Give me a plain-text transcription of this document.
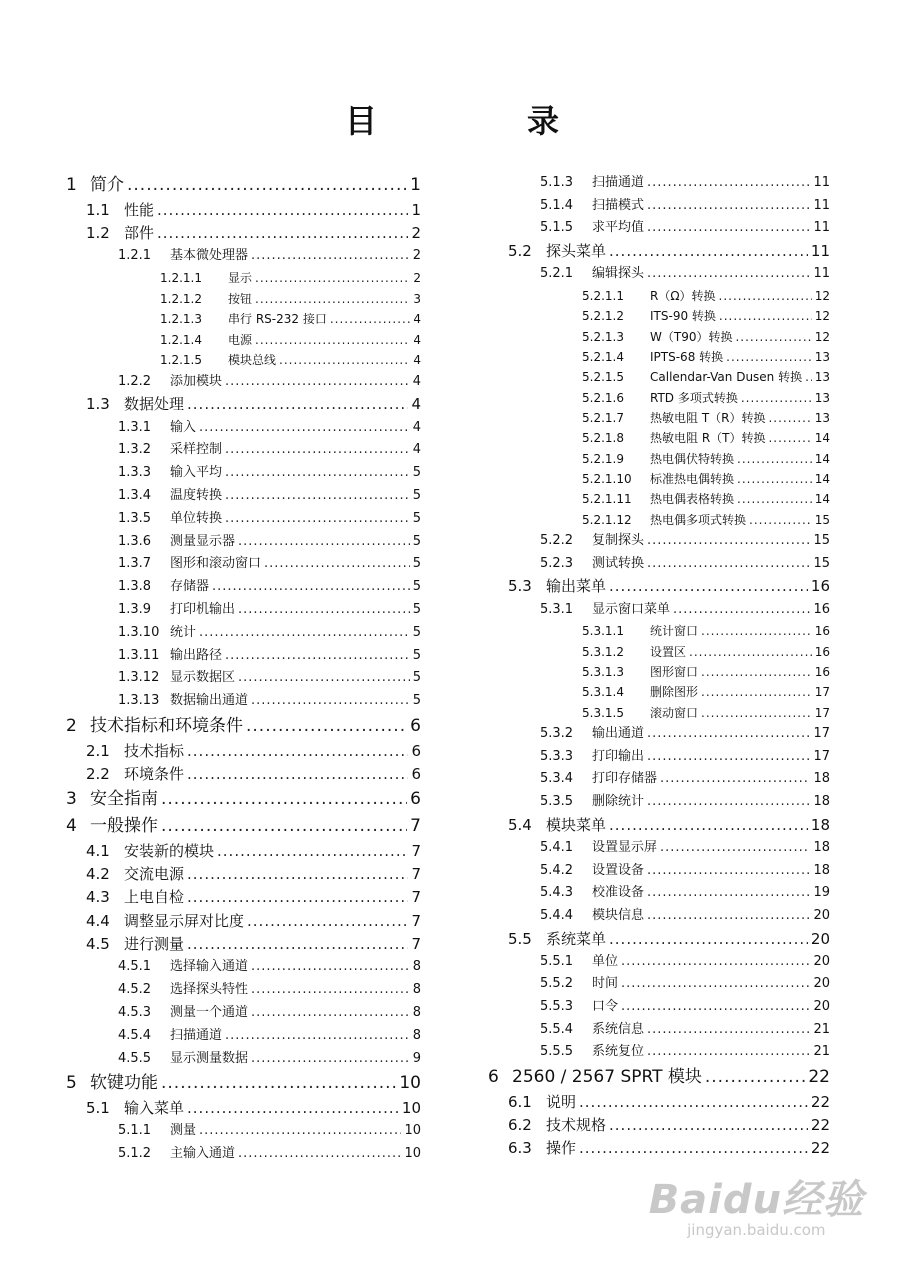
目	录
1 简介 .....	1
1.1 性能 .....	1
1.2 部件 .....	2
1.2.1	基本微处理器 .....	2
1.2.1.1	显示 .....	2
1.2.1.2	按钮 .....	3
1.2.1.3	串行 RS-232 接口 .....	4
1.2.1.4	电源 .....	4
1.2.1.5	模块总线 .....	4
1.2.2	添加模块 .....	4
1.3 数据处理 .....	4
1.3.1	输入 .....	4
1.3.2	采样控制 .....	4
1.3.3	输入平均 .....	5
1.3.4	温度转换 .....	5
1.3.5	单位转换 .....	5
1.3.6	测量显示器 .....	5
1.3.7	图形和滚动窗口 .....	5
1.3.8	存储器 .....	5
1.3.9	打印机输出 .....	5
1.3.10 统计 .....	5
1.3.11 输出路径 .....	5
1.3.12 显示数据区 .....	5
1.3.13 数据输出通道 .....	5
2 技术指标和环境条件 .....	6
2.1 技术指标 .....	6
2.2 环境条件 .....	6
3 安全指南 .....	6
4 一般操作 .....	7
4.1 安装新的模块 .....	7
4.2 交流电源 .....	7
4.3 上电自检 .....	7
4.4 调整显示屏对比度 .....	7
4.5 进行测量 .....	7
4.5.1	选择输入通道 .....	8
4.5.2	选择探头特性 .....	8
4.5.3	测量一个通道 .....	8
4.5.4	扫描通道 .....	8
4.5.5	显示测量数据 .....	9
5 软键功能 .....	10
5.1 输入菜单 .....	10
5.1.1	测量 .....	10
5.1.2	主输入通道 .....	10
5.1.3	扫描通道 .....	11
5.1.4	扫描模式 .....	11
5.1.5	求平均值 .....	11
5.2 探头菜单 .....	11
5.2.1	编辑探头 .....	11
5.2.1.1	R（Ω）转换 .....	12
5.2.1.2	ITS-90 转换 .....	12
5.2.1.3	W（T90）转换 .....	12
5.2.1.4	IPTS-68 转换 .....	13
5.2.1.5	Callendar-Van Dusen 转换 ..... 13
5.2.1.6	RTD 多项式转换 .....	13
5.2.1.7	热敏电阻 T（R）转换 .....	13
5.2.1.8	热敏电阻 R（T）转换 .....	14
5.2.1.9	热电偶伏特转换 .....	14
5.2.1.10	标准热电偶转换 .....	14
5.2.1.11	热电偶表格转换 .....	14
5.2.1.12	热电偶多项式转换 .....	15
5.2.2	复制探头 .....	15
5.2.3	测试转换 .....	15
5.3 输出菜单 .....	16
5.3.1	显示窗口菜单 .....	16
5.3.1.1	统计窗口 .....	16
5.3.1.2	设置区 .....	16
5.3.1.3	图形窗口 .....	16
5.3.1.4	删除图形 .....	17
5.3.1.5	滚动窗口 .....	17
5.3.2	输出通道 .....	17
5.3.3	打印输出 .....	17
5.3.4	打印存储器 .....	18
5.3.5	删除统计 .....	18
5.4 模块菜单 .....	18
5.4.1	设置显示屏 .....	18
5.4.2	设置设备 .....	18
5.4.3	校准设备 .....	19
5.4.4	模块信息 .....	20
5.5 系统菜单 .....	20
5.5.1	单位 .....	20
5.5.2	时间 .....	20
5.5.3	口令 .....	20
5.5.4	系统信息 .....	21
5.5.5	系统复位 .....	21
6 2560 / 2567 SPRT 模块 .....	22
6.1 说明 .....	22
6.2 技术规格 .....	22
6.3 操作 .....	22
Baidu经验
jingyan.baidu.com
